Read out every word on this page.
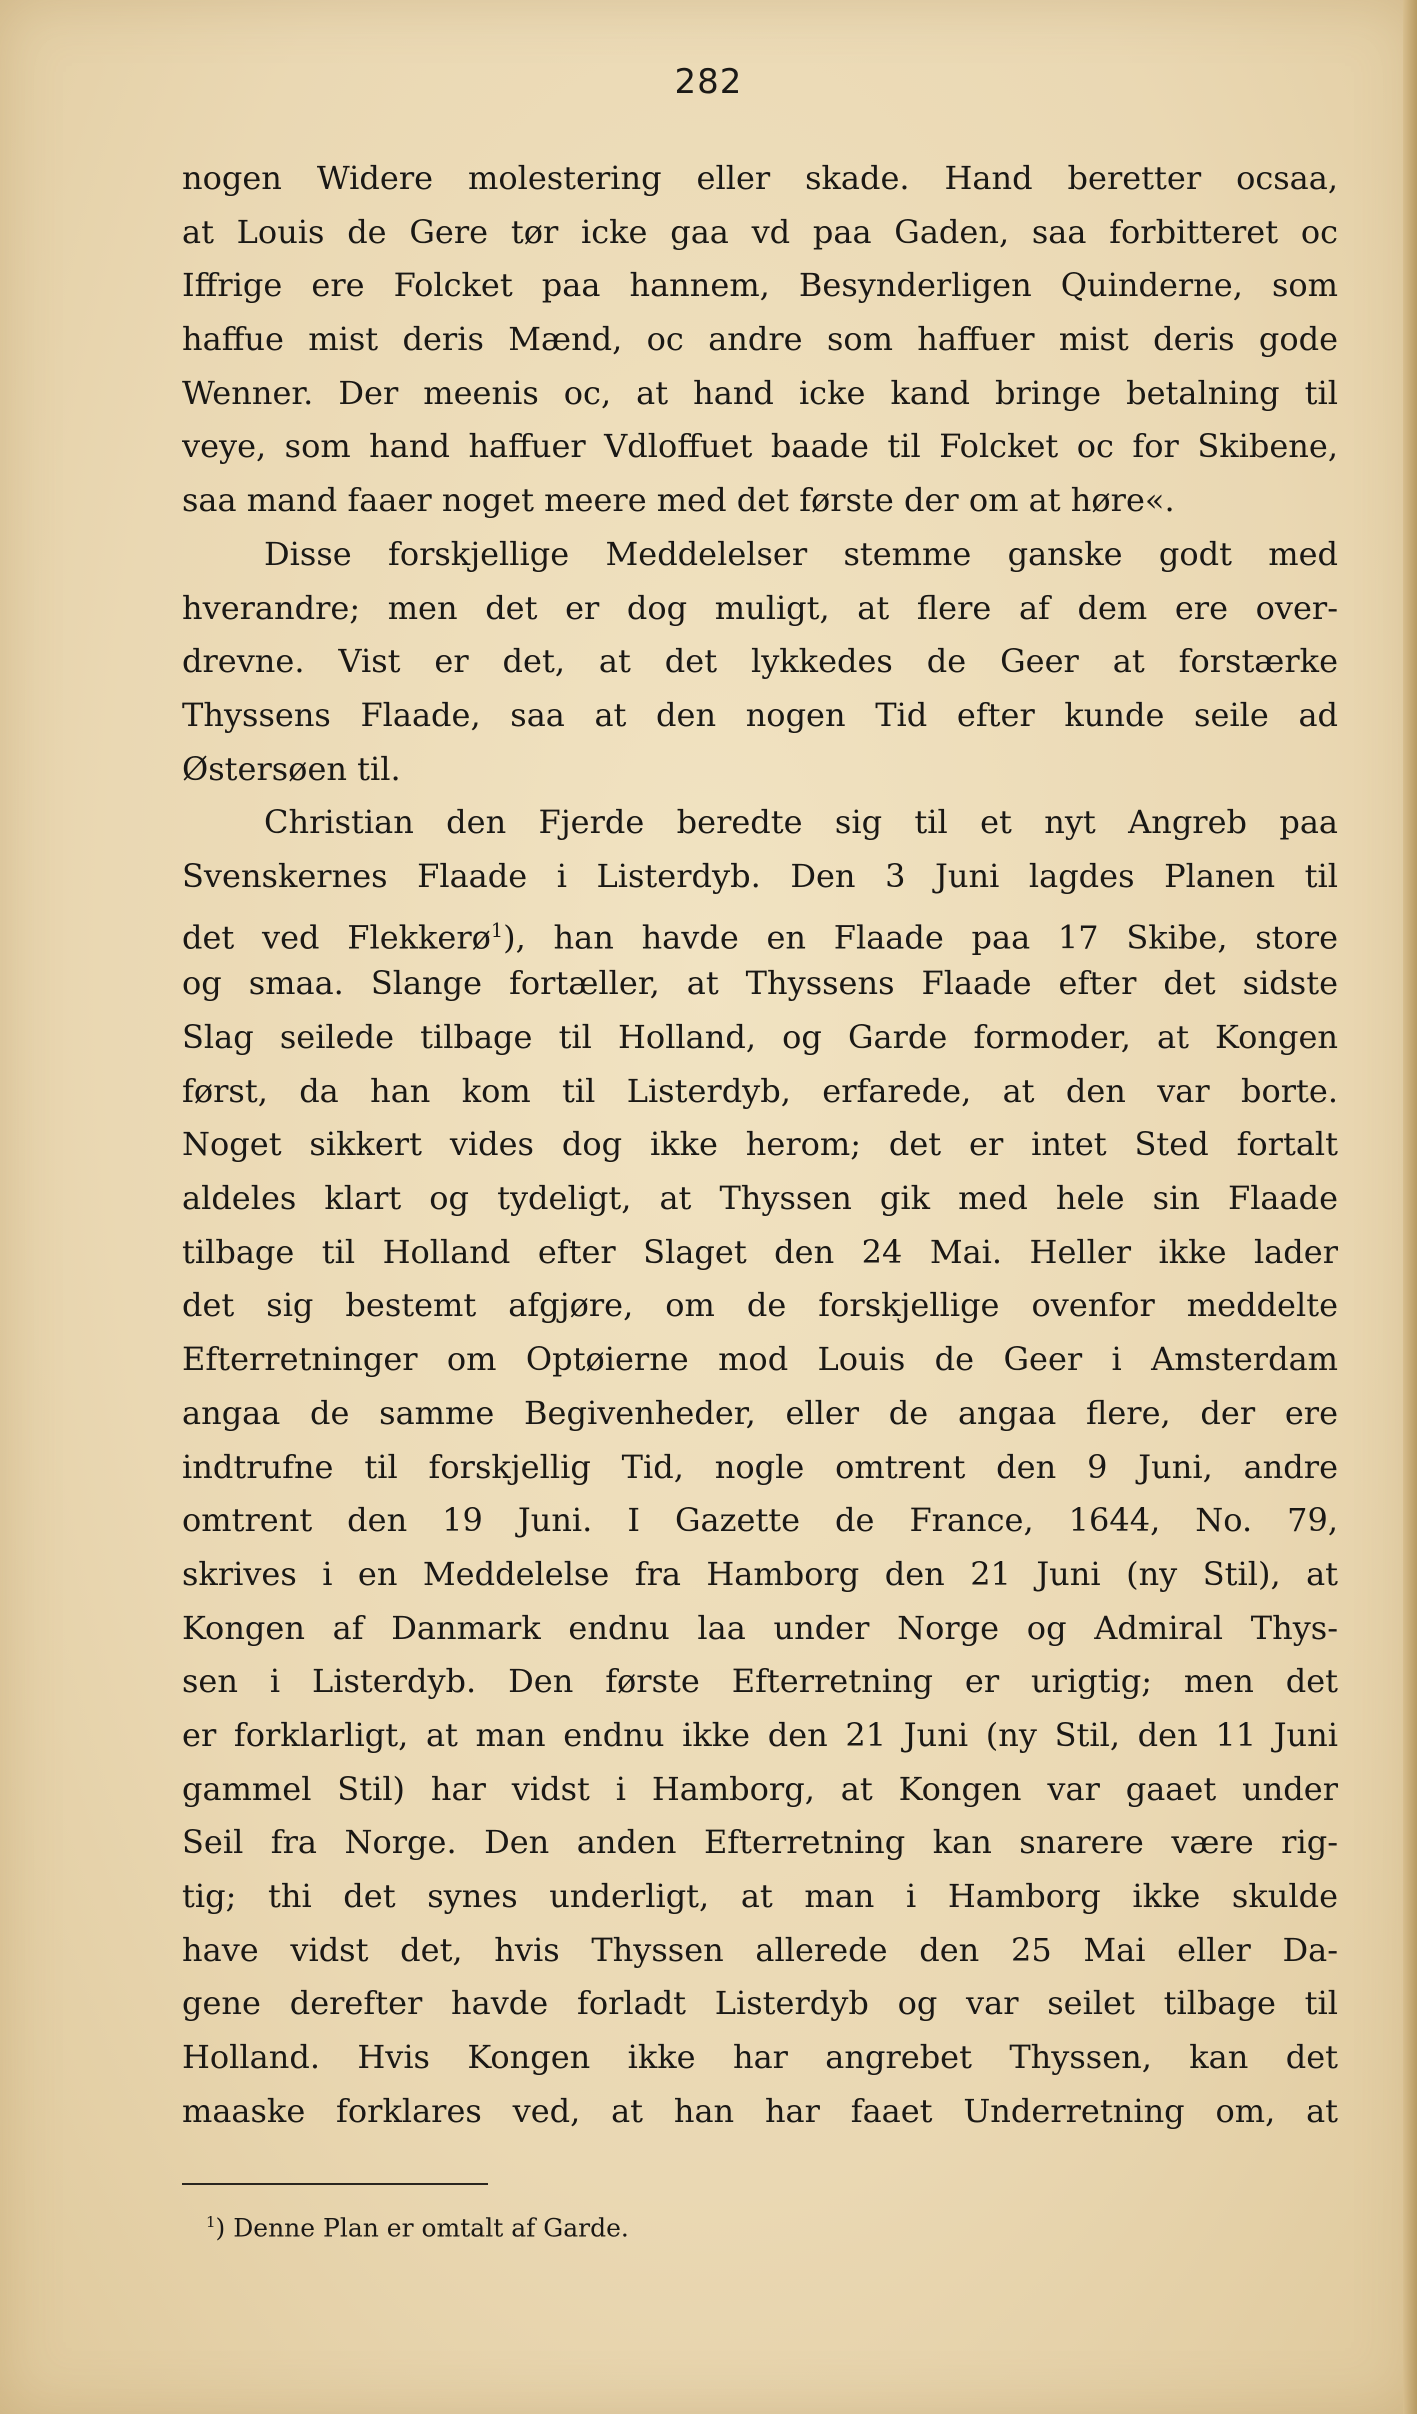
282
nogen Widere molestering eller skade. Hand beretter ocsaa,
at Louis de Gere tør icke gaa vd paa Gaden, saa forbitteret oc
Iffrige ere Folcket paa hannem, Besynderligen Quinderne, som
haffue mist deris Mænd, oc andre som haffuer mist deris gode
Wenner. Der meenis oc, at hand icke kand bringe betalning til
veye, som hand haffuer Vdloffuet baade til Folcket oc for Skibene,
saa mand faaer noget meere med det første der om at høre«.
Disse forskjellige Meddelelser stemme ganske godt med
hverandre; men det er dog muligt, at flere af dem ere over-
drevne. Vist er det, at det lykkedes de Geer at forstærke
Thyssens Flaade, saa at den nogen Tid efter kunde seile ad
Østersøen til.
Christian den Fjerde beredte sig til et nyt Angreb paa
Svenskernes Flaade i Listerdyb. Den 3 Juni lagdes Planen til
det ved Flekkerø$^1$), han havde en Flaade paa 17 Skibe, store
og smaa. Slange fortæller, at Thyssens Flaade efter det sidste
Slag seilede tilbage til Holland, og Garde formoder, at Kongen
først, da han kom til Listerdyb, erfarede, at den var borte.
Noget sikkert vides dog ikke herom; det er intet Sted fortalt
aldeles klart og tydeligt, at Thyssen gik med hele sin Flaade
tilbage til Holland efter Slaget den 24 Mai. Heller ikke lader
det sig bestemt afgjøre, om de forskjellige ovenfor meddelte
Efterretninger om Optøierne mod Louis de Geer i Amsterdam
angaa de samme Begivenheder, eller de angaa flere, der ere
indtrufne til forskjellig Tid, nogle omtrent den 9 Juni, andre
omtrent den 19 Juni. I Gazette de France, 1644, No. 79,
skrives i en Meddelelse fra Hamborg den 21 Juni (ny Stil), at
Kongen af Danmark endnu laa under Norge og Admiral Thys-
sen i Listerdyb. Den første Efterretning er urigtig; men det
er forklarligt, at man endnu ikke den 21 Juni (ny Stil, den 11 Juni
gammel Stil) har vidst i Hamborg, at Kongen var gaaet under
Seil fra Norge. Den anden Efterretning kan snarere være rig-
tig; thi det synes underligt, at man i Hamborg ikke skulde
have vidst det, hvis Thyssen allerede den 25 Mai eller Da-
gene derefter havde forladt Listerdyb og var seilet tilbage til
Holland. Hvis Kongen ikke har angrebet Thyssen, kan det
maaske forklares ved, at han har faaet Underretning om, at
$^1$) Denne Plan er omtalt af Garde.
